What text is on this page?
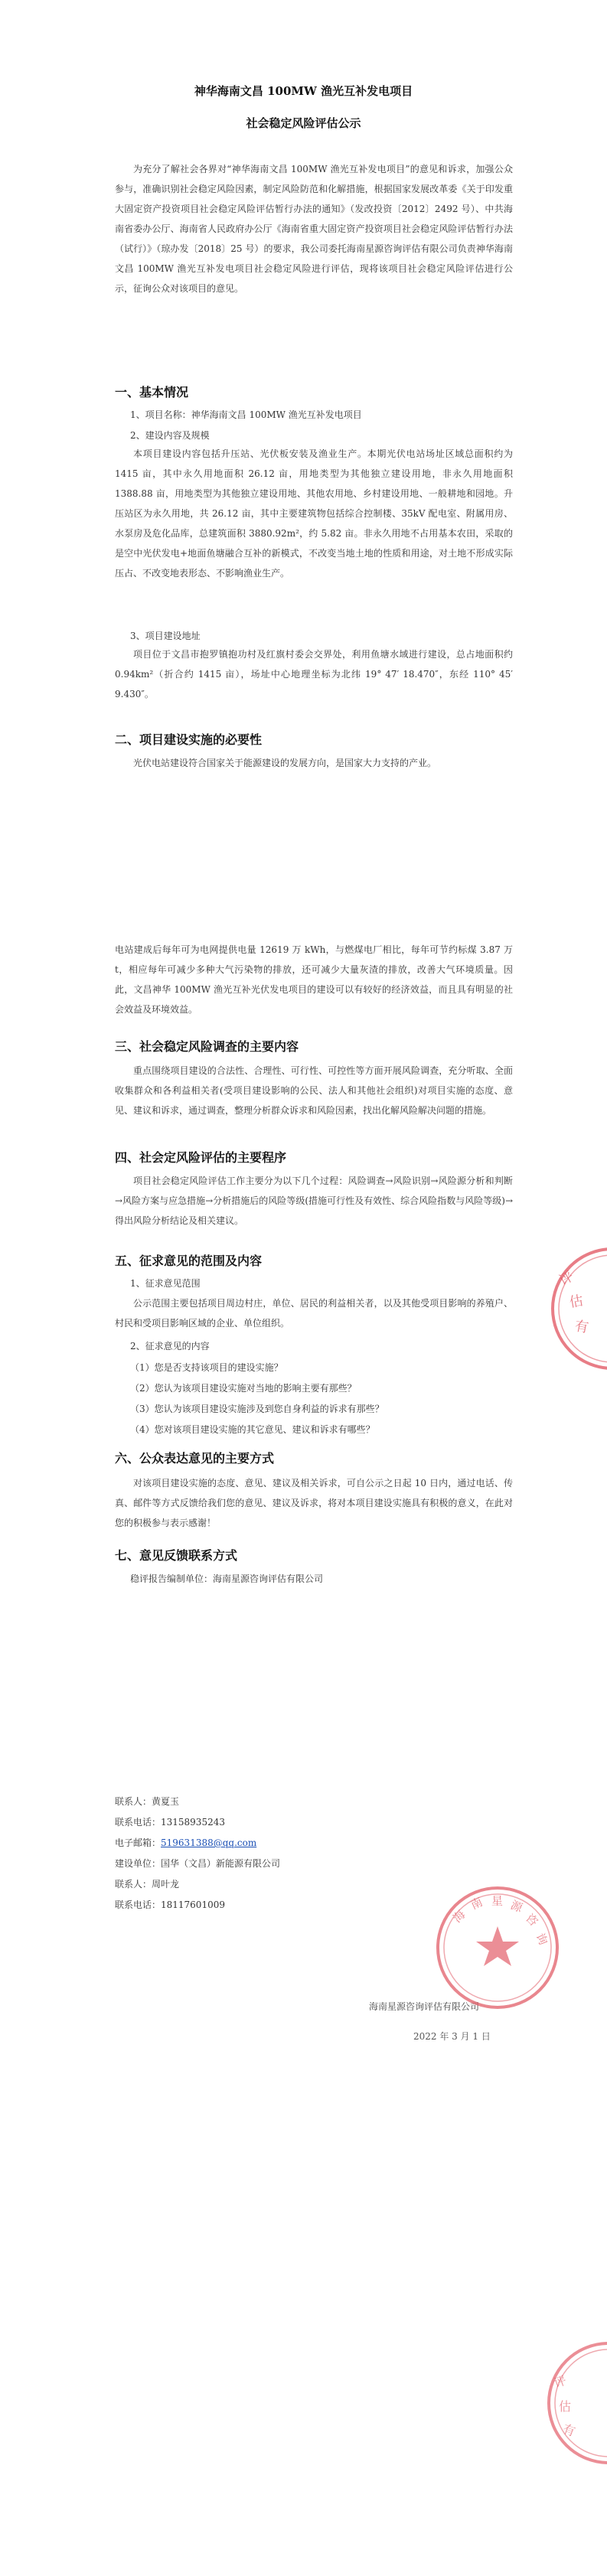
神华海南文昌 100MW 渔光互补发电项目
社会稳定风险评估公示
为充分了解社会各界对“神华海南文昌 100MW 渔光互补发电项目”的意见和诉求，加强公众参与，准确识别社会稳定风险因素，制定风险防范和化解措施，根据国家发展改革委《关于印发重大固定资产投资项目社会稳定风险评估暂行办法的通知》（发改投资〔2012〕2492 号）、中共海南省委办公厅、海南省人民政府办公厅《海南省重大固定资产投资项目社会稳定风险评估暂行办法（试行）》（琼办发〔2018〕25 号）的要求，我公司委托海南星源咨询评估有限公司负责神华海南文昌 100MW 渔光互补发电项目社会稳定风险进行评估，现将该项目社会稳定风险评估进行公示，征询公众对该项目的意见。
一、基本情况
1、项目名称：神华海南文昌 100MW 渔光互补发电项目
2、建设内容及规模
本项目建设内容包括升压站、光伏板安装及渔业生产。本期光伏电站场址区域总面积约为 1415 亩，其中永久用地面积 26.12 亩，用地类型为其他独立建设用地，非永久用地面积 1388.88 亩，用地类型为其他独立建设用地、其他农用地、乡村建设用地、一般耕地和园地。升压站区为永久用地，共 26.12 亩，其中主要建筑物包括综合控制楼、35kV 配电室、附属用房、水泵房及危化品库，总建筑面积 3880.92m²，约 5.82 亩。非永久用地不占用基本农田，采取的是空中光伏发电+地面鱼塘融合互补的新模式，不改变当地土地的性质和用途，对土地不形成实际压占、不改变地表形态、不影响渔业生产。
3、项目建设地址
项目位于文昌市抱罗镇抱功村及红旗村委会交界处，利用鱼塘水域进行建设，总占地面积约 0.94km²（折合约 1415 亩），场址中心地理坐标为北纬 19° 47′ 18.470″，东经 110° 45′ 9.430″。
二、项目建设实施的必要性
光伏电站建设符合国家关于能源建设的发展方向，是国家大力支持的产业。
电站建成后每年可为电网提供电量 12619 万 kWh，与燃煤电厂相比，每年可节约标煤 3.87 万 t，相应每年可减少多种大气污染物的排放，还可减少大量灰渣的排放，改善大气环境质量。因此，文昌神华 100MW 渔光互补光伏发电项目的建设可以有较好的经济效益，而且具有明显的社会效益及环境效益。
三、社会稳定风险调查的主要内容
重点围绕项目建设的合法性、合理性、可行性、可控性等方面开展风险调查，充分听取、全面收集群众和各利益相关者(受项目建设影响的公民、法人和其他社会组织)对项目实施的态度、意见、建议和诉求，通过调查，整理分析群众诉求和风险因素，找出化解风险解决问题的措施。
四、社会定风险评估的主要程序
项目社会稳定风险评估工作主要分为以下几个过程：风险调查→风险识别→风险源分析和判断→风险方案与应急措施→分析措施后的风险等级(措施可行性及有效性、综合风险指数与风险等级)→得出风险分析结论及相关建议。
五、征求意见的范围及内容
1、征求意见范围
公示范围主要包括项目周边村庄，单位、居民的利益相关者，以及其他受项目影响的养殖户、村民和受项目影响区域的企业、单位组织。
2、征求意见的内容
（1）您是否支持该项目的建设实施？
（2）您认为该项目建设实施对当地的影响主要有那些？
（3）您认为该项目建设实施涉及到您自身利益的诉求有那些？
（4）您对该项目建设实施的其它意见、建议和诉求有哪些？
六、公众表达意见的主要方式
对该项目建设实施的态度、意见、建议及相关诉求，可自公示之日起 10 日内，通过电话、传真、邮件等方式反馈给我们您的意见、建议及诉求，将对本项目建设实施具有积极的意义，在此对您的积极参与表示感谢！
七、意见反馈联系方式
稳评报告编制单位：海南星源咨询评估有限公司
联系人：黄夏玉
联系电话：13158935243
电子邮箱：519631388@qq.com
建设单位：国华（文昌）新能源有限公司
联系人：周叶龙
联系电话：18117601009
海南星源咨询评估有限公司
2022 年 3 月 1 日
评
估
有
海
南 星 源
咨
询
评
估
有
